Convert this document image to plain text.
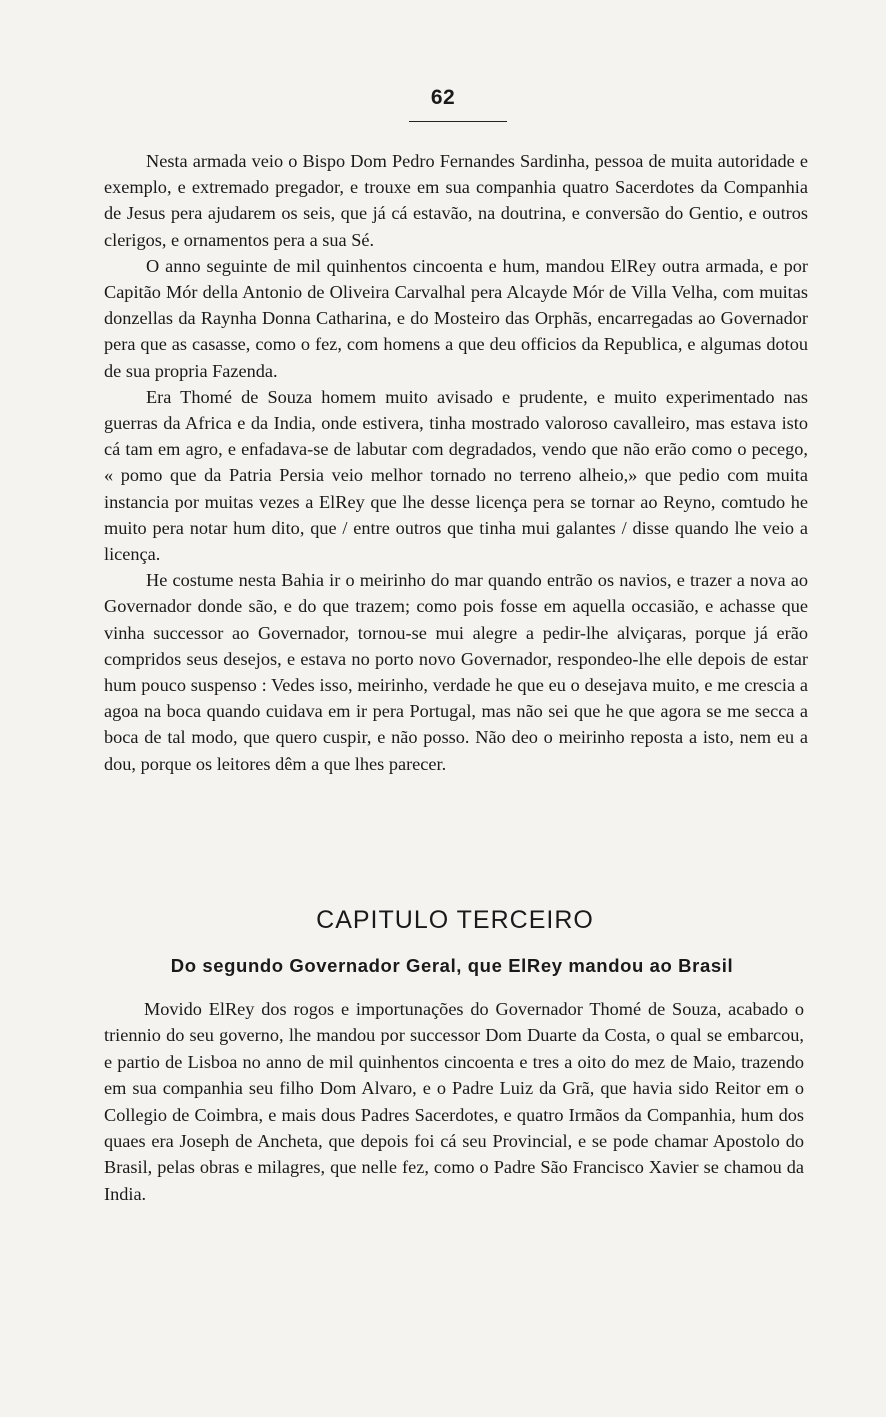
62

Nesta armada veio o Bispo Dom Pedro Fernandes Sardinha, pessoa de muita autoridade e exemplo, e extremado pregador, e trouxe em sua companhia quatro Sacerdotes da Companhia de Jesus pera ajudarem os seis, que já cá estavão, na doutrina, e conversão do Gentio, e outros clerigos, e ornamentos pera a sua Sé.

O anno seguinte de mil quinhentos cincoenta e hum, mandou ElRey outra armada, e por Capitão Mór della Antonio de Oliveira Carvalhal pera Alcayde Mór de Villa Velha, com muitas donzellas da Raynha Donna Catharina, e do Mosteiro das Orphãs, encarregadas ao Governador pera que as casasse, como o fez, com homens a que deu officios da Republica, e algumas dotou de sua propria Fazenda.

Era Thomé de Souza homem muito avisado e prudente, e muito experimentado nas guerras da Africa e da India, onde estivera, tinha mostrado valoroso cavalleiro, mas estava isto cá tam em agro, e enfadava-se de labutar com degradados, vendo que não erão como o pecego, « pomo que da Patria Persia veio melhor tornado no terreno alheio,» que pedio com muita instancia por muitas vezes a ElRey que lhe desse licença pera se tornar ao Reyno, comtudo he muito pera notar hum dito, que / entre outros que tinha mui galantes / disse quando lhe veio a licença.

He costume nesta Bahia ir o meirinho do mar quando entrão os navios, e trazer a nova ao Governador donde são, e do que trazem; como pois fosse em aquella occasião, e achasse que vinha successor ao Governador, tornou-se mui alegre a pedir-lhe alviçaras, porque já erão compridos seus desejos, e estava no porto novo Governador, respondeo-lhe elle depois de estar hum pouco suspenso : Vedes isso, meirinho, verdade he que eu o desejava muito, e me crescia a agoa na boca quando cuidava em ir pera Portugal, mas não sei que he que agora se me secca a boca de tal modo, que quero cuspir, e não posso. Não deo o meirinho reposta a isto, nem eu a dou, porque os leitores dêm a que lhes parecer.

CAPITULO TERCEIRO
Do segundo Governador Geral, que ElRey mandou ao Brasil

Movido ElRey dos rogos e importunações do Governador Thomé de Souza, acabado o triennio do seu governo, lhe mandou por successor Dom Duarte da Costa, o qual se embarcou, e partio de Lisboa no anno de mil quinhentos cincoenta e tres a oito do mez de Maio, trazendo em sua companhia seu filho Dom Alvaro, e o Padre Luiz da Grã, que havia sido Reitor em o Collegio de Coimbra, e mais dous Padres Sacerdotes, e quatro Irmãos da Companhia, hum dos quaes era Joseph de Ancheta, que depois foi cá seu Provincial, e se pode chamar Apostolo do Brasil, pelas obras e milagres, que nelle fez, como o Padre São Francisco Xavier se chamou da India.
